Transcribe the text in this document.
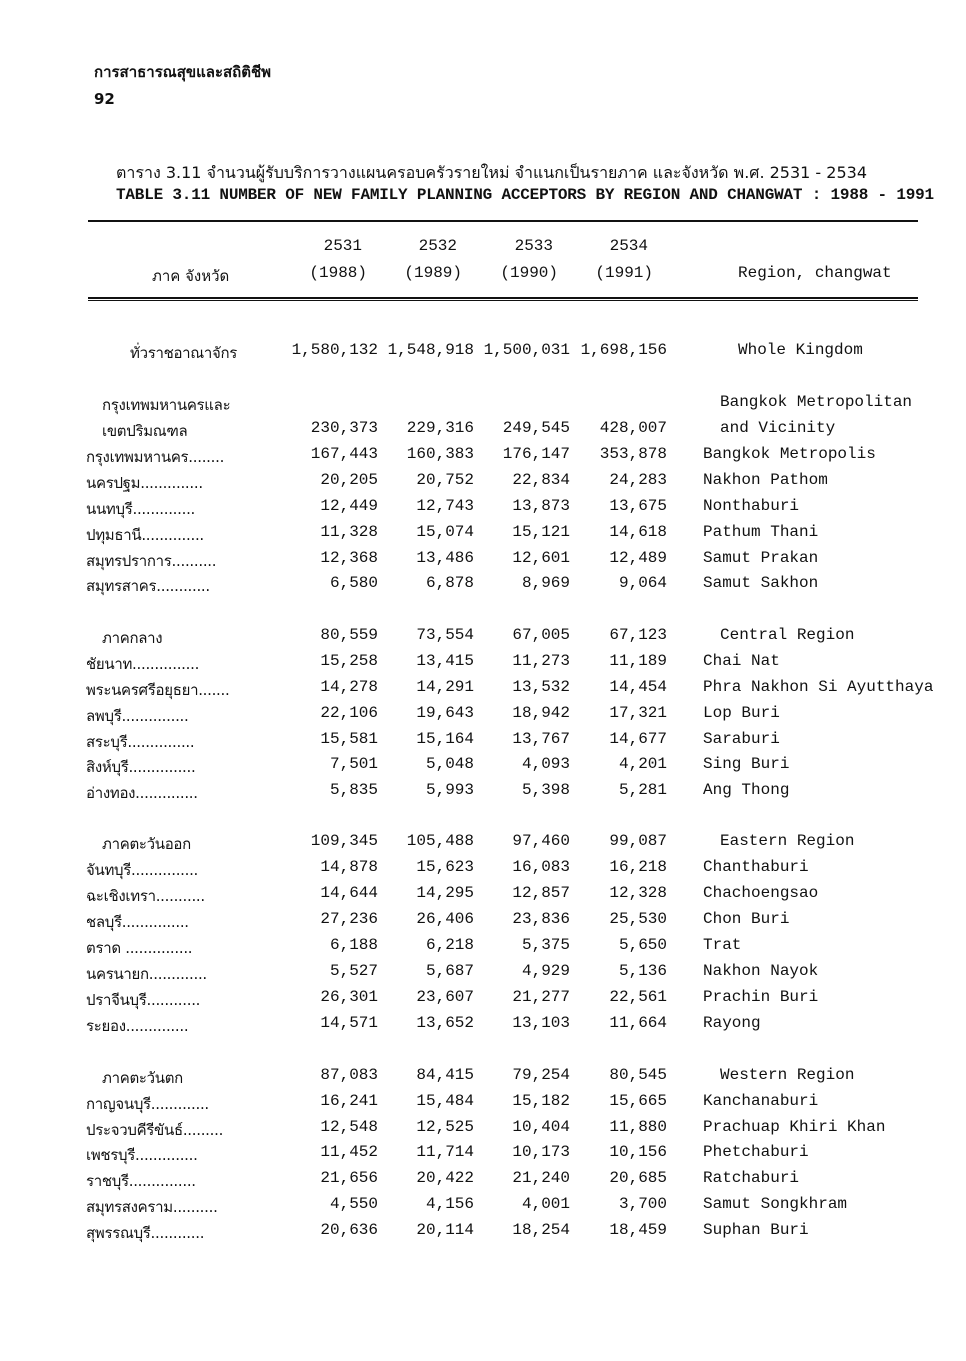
การสาธารณสุขและสถิติชีพ
92
ตาราง 3.11 จำนวนผู้รับบริการวางแผนครอบครัวรายใหม่ จำแนกเป็นรายภาค และจังหวัด พ.ศ. 2531 - 2534
TABLE 3.11 NUMBER OF NEW FAMILY PLANNING ACCEPTORS BY REGION AND CHANGWAT : 1988 - 1991
2531	2532	2533	2534
(1988)	(1989)	(1990)	(1991)
ภาค จังหวัด	Region, changwat
ทั่วราชอาณาจักร	1,580,132 1,548,918 1,500,031 1,698,156	Whole Kingdom
กรุงเทพมหานครและ	Bangkok Metropolitan
เขตปริมณฑล	230,373	229,316	249,545	428,007	and Vicinity
กรุงเทพมหานคร........	167,443	160,383	176,147	353,878 Bangkok Metropolis
นครปฐม..............	20,205	20,752	22,834	24,283 Nakhon Pathom
นนทบุรี..............	12,449	12,743	13,873	13,675 Nonthaburi
ปทุมธานี..............	11,328	15,074	15,121	14,618 Pathum Thani
สมุทรปราการ..........	12,368	13,486	12,601	12,489 Samut Prakan
สมุทรสาคร............	6,580	6,878	8,969	9,064 Samut Sakhon
ภาคกลาง	80,559	73,554	67,005	67,123	Central Region
ชัยนาท...............	15,258	13,415	11,273	11,189 Chai Nat
พระนครศรีอยุธยา.......	14,278	14,291	13,532	14,454 Phra Nakhon Si Ayutthaya
ลพบุรี...............	22,106	19,643	18,942	17,321 Lop Buri
สระบุรี...............	15,581	15,164	13,767	14,677 Saraburi
สิงห์บุรี...............	7,501	5,048	4,093	4,201 Sing Buri
อ่างทอง..............	5,835	5,993	5,398	5,281 Ang Thong
ภาคตะวันออก	109,345	105,488	97,460	99,087	Eastern Region
จันทบุรี...............	14,878	15,623	16,083	16,218 Chanthaburi
ฉะเชิงเทรา...........	14,644	14,295	12,857	12,328 Chachoengsao
ชลบุรี...............	27,236	26,406	23,836	25,530 Chon Buri
ตราด ...............	6,188	6,218	5,375	5,650 Trat
นครนายก.............	5,527	5,687	4,929	5,136 Nakhon Nayok
ปราจีนบุรี............	26,301	23,607	21,277	22,561 Prachin Buri
ระยอง..............	14,571	13,652	13,103	11,664 Rayong
ภาคตะวันตก	87,083	84,415	79,254	80,545	Western Region
กาญจนบุรี.............	16,241	15,484	15,182	15,665 Kanchanaburi
ประจวบคีรีขันธ์.........	12,548	12,525	10,404	11,880 Prachuap Khiri Khan
เพชรบุรี..............	11,452	11,714	10,173	10,156 Phetchaburi
ราชบุรี...............	21,656	20,422	21,240	20,685 Ratchaburi
สมุทรสงคราม..........	4,550	4,156	4,001	3,700 Samut Songkhram
สุพรรณบุรี............	20,636	20,114	18,254	18,459 Suphan Buri
